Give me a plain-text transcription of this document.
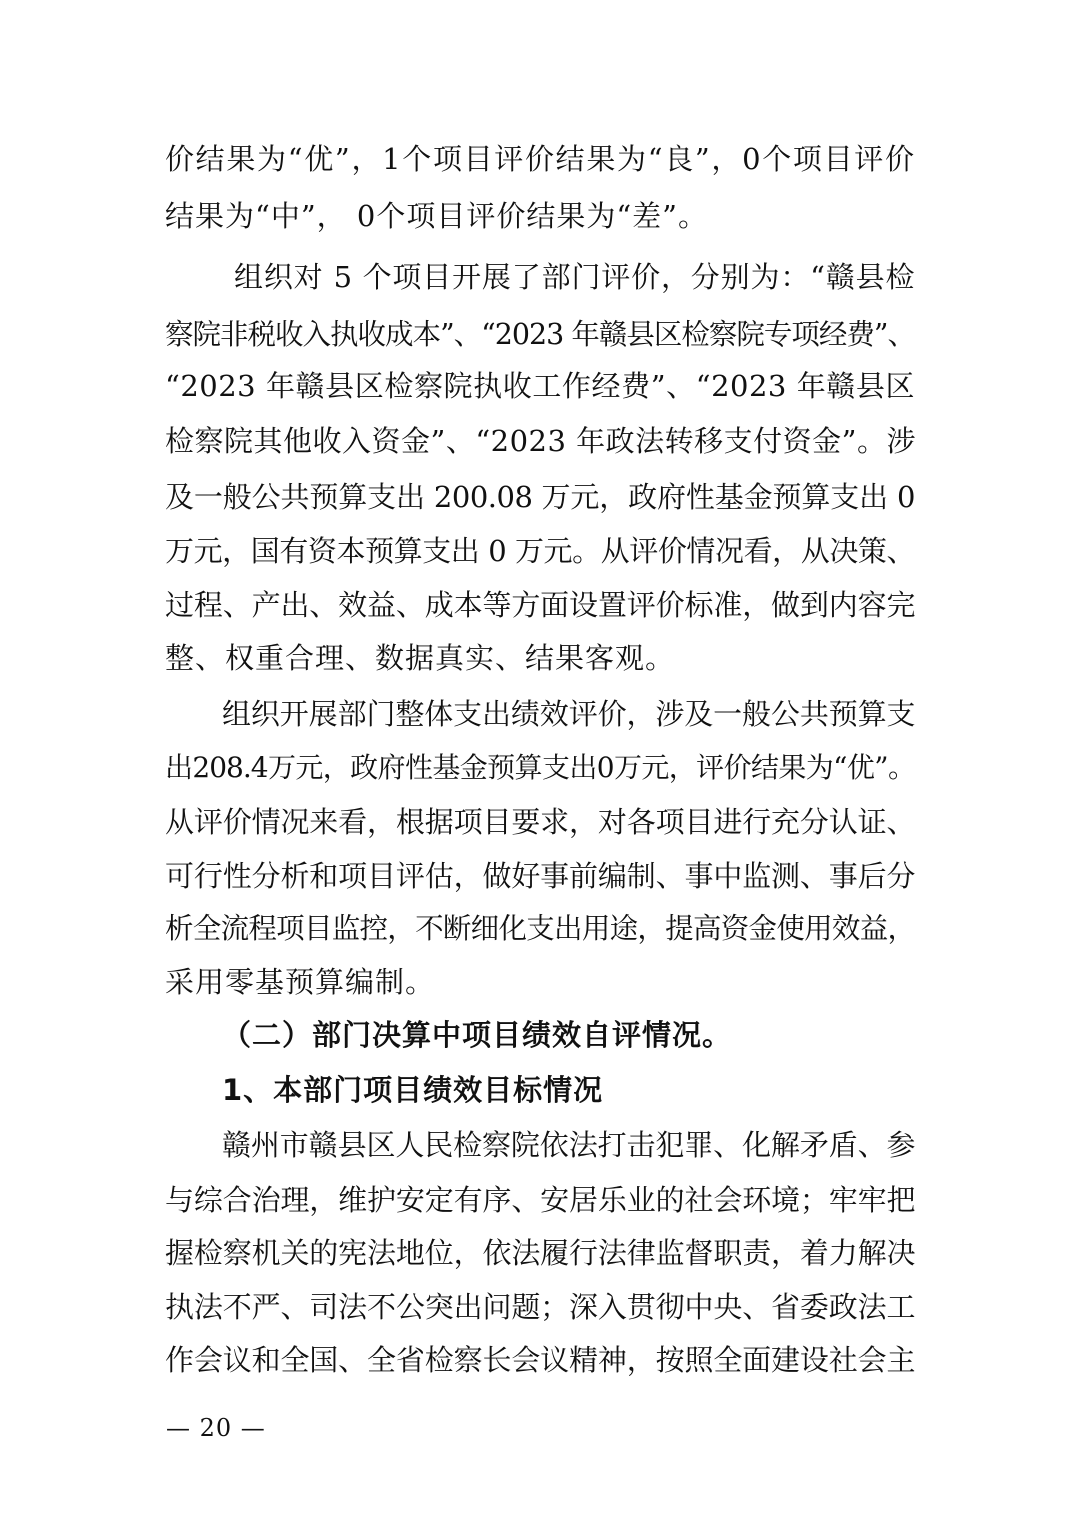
价结果为“优”，1个项目评价结果为“良”，0个项目评价
结果为“中”， 0个项目评价结果为“差”。
组织对 5 个项目开展了部门评价，分别为：“赣县检
察院非税收入执收成本”、“2023 年赣县区检察院专项经费”、
“2023 年赣县区检察院执收工作经费”、“2023 年赣县区
检察院其他收入资金”、“2023 年政法转移支付资金”。涉
及一般公共预算支出 200.08 万元，政府性基金预算支出 0
万元，国有资本预算支出 0 万元。从评价情况看，从决策、
过程、产出、效益、成本等方面设置评价标准，做到内容完
整、权重合理、数据真实、结果客观。
组织开展部门整体支出绩效评价，涉及一般公共预算支
出208.4万元，政府性基金预算支出0万元，评价结果为“优”。
从评价情况来看，根据项目要求，对各项目进行充分认证、
可行性分析和项目评估，做好事前编制、事中监测、事后分
析全流程项目监控，不断细化支出用途，提高资金使用效益，
采用零基预算编制。
（二）部门决算中项目绩效自评情况。
1、本部门项目绩效目标情况
赣州市赣县区人民检察院依法打击犯罪、化解矛盾、参
与综合治理，维护安定有序、安居乐业的社会环境；牢牢把
握检察机关的宪法地位，依法履行法律监督职责，着力解决
执法不严、司法不公突出问题；深入贯彻中央、省委政法工
作会议和全国、全省检察长会议精神，按照全面建设社会主
— 20 —
